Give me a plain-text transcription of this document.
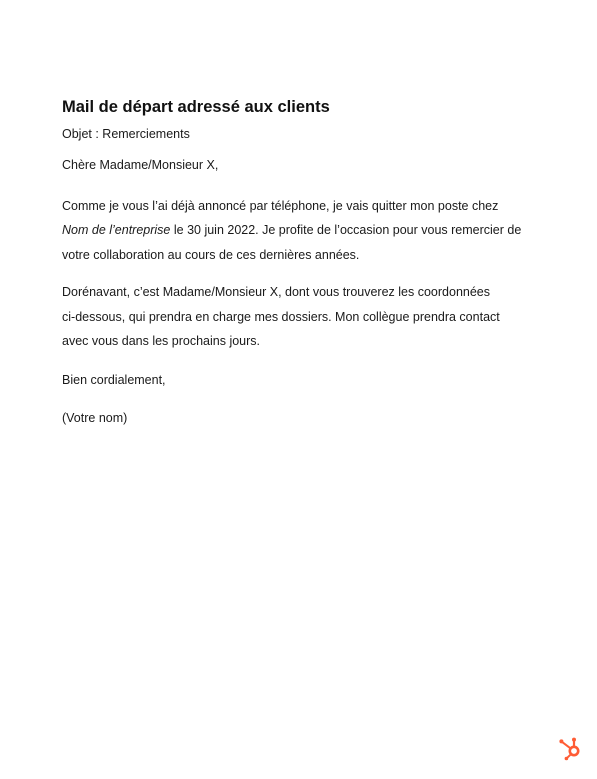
Mail de départ adressé aux clients

Objet : Remerciements

Chère Madame/Monsieur X,

Comme je vous l’ai déjà annoncé par téléphone, je vais quitter mon poste chez
Nom de l’entreprise le 30 juin 2022. Je profite de l’occasion pour vous remercier de
votre collaboration au cours de ces dernières années.

Dorénavant, c’est Madame/Monsieur X, dont vous trouverez les coordonnées
ci-dessous, qui prendra en charge mes dossiers. Mon collègue prendra contact
avec vous dans les prochains jours.

Bien cordialement,

(Votre nom)
